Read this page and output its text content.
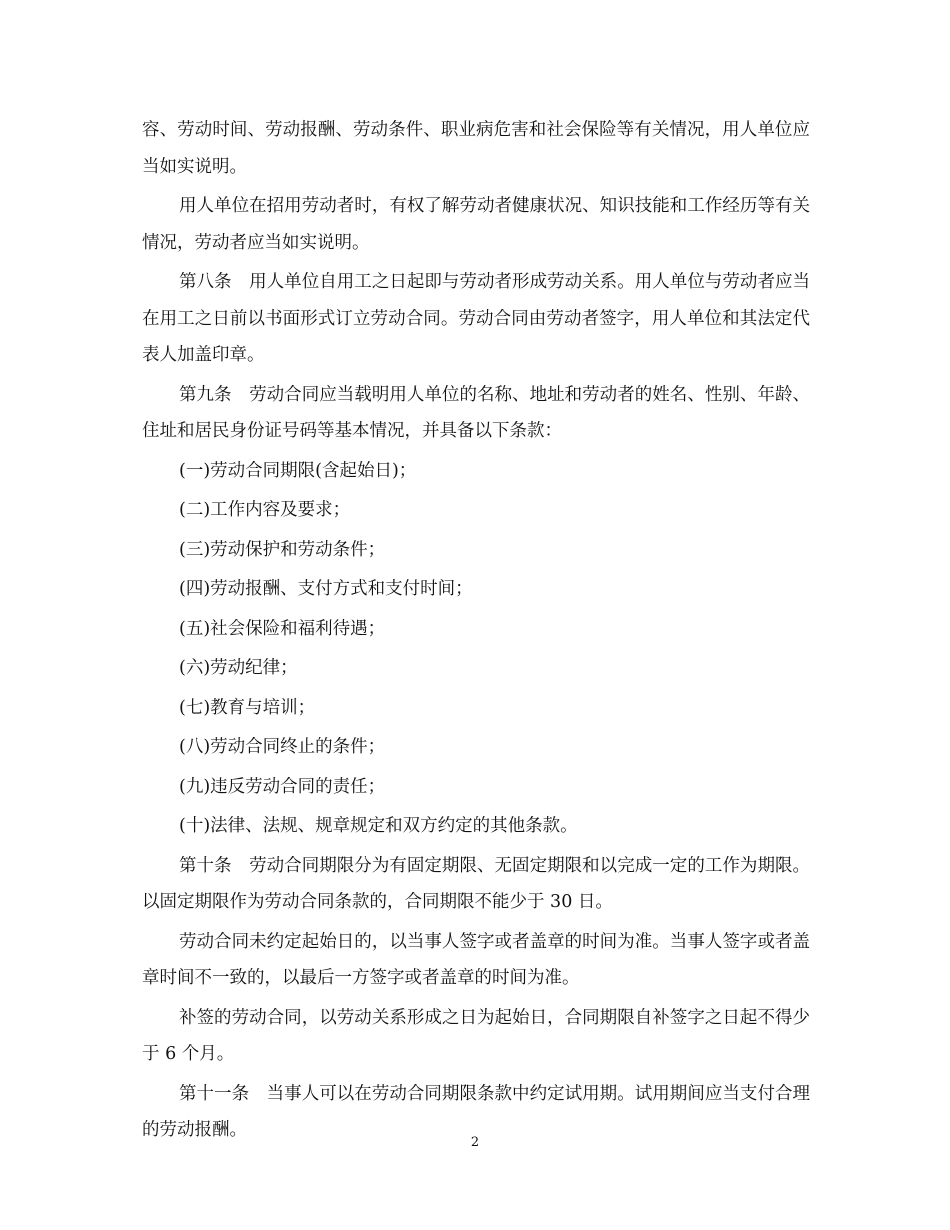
容、劳动时间、劳动报酬、劳动条件、职业病危害和社会保险等有关情况，用人单位应当如实说明。

用人单位在招用劳动者时，有权了解劳动者健康状况、知识技能和工作经历等有关情况，劳动者应当如实说明。

第八条　用人单位自用工之日起即与劳动者形成劳动关系。用人单位与劳动者应当在用工之日前以书面形式订立劳动合同。劳动合同由劳动者签字，用人单位和其法定代表人加盖印章。

第九条　劳动合同应当载明用人单位的名称、地址和劳动者的姓名、性别、年龄、住址和居民身份证号码等基本情况，并具备以下条款：

(一)劳动合同期限(含起始日)；

(二)工作内容及要求；

(三)劳动保护和劳动条件；

(四)劳动报酬、支付方式和支付时间；

(五)社会保险和福利待遇；

(六)劳动纪律；

(七)教育与培训；

(八)劳动合同终止的条件；

(九)违反劳动合同的责任；

(十)法律、法规、规章规定和双方约定的其他条款。

第十条　劳动合同期限分为有固定期限、无固定期限和以完成一定的工作为期限。以固定期限作为劳动合同条款的，合同期限不能少于 30 日。

劳动合同未约定起始日的，以当事人签字或者盖章的时间为准。当事人签字或者盖章时间不一致的，以最后一方签字或者盖章的时间为准。

补签的劳动合同，以劳动关系形成之日为起始日，合同期限自补签字之日起不得少于 6 个月。

第十一条　当事人可以在劳动合同期限条款中约定试用期。试用期间应当支付合理的劳动报酬。

2
